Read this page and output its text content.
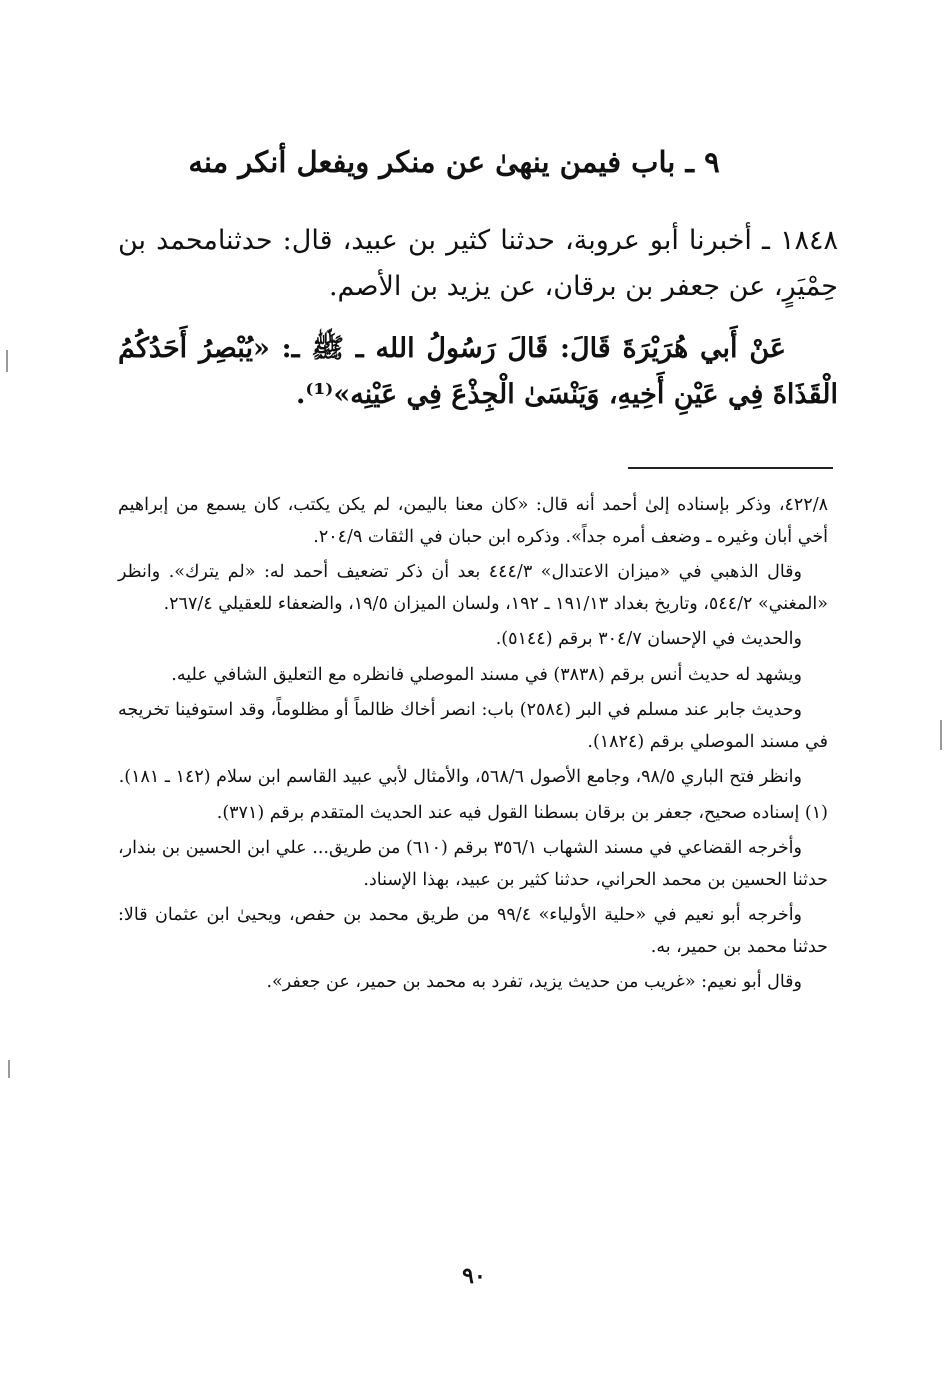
٩ ـ باب فيمن ينهىٰ عن منكر ويفعل أنكر منه
١٨٤٨ ـ أخبرنا أبو عروبة، حدثنا كثير بن عبيد، قال: حدثنامحمد بن حِمْيَرٍ، عن جعفر بن برقان، عن يزيد بن الأصم.
عَنْ أَبي هُرَيْرَةَ قَالَ: قَالَ رَسُولُ الله ـ ﷺ ـ: «يُبْصِرُ أَحَدُكُمُ الْقَذَاةَ فِي عَيْنِ أَخِيهِ، وَيَنْسَىٰ الْجِذْعَ فِي عَيْنِه»⁽¹⁾.

٤٢٢/٨، وذكر بإسناده إلىٰ أحمد أنه قال: «كان معنا باليمن، لم يكن يكتب، كان يسمع من إبراهيم أخي أبان وغيره ـ وضعف أمره جداً». وذكره ابن حبان في الثقات ٢٠٤/٩.

وقال الذهبي في «ميزان الاعتدال» ٤٤٤/٣ بعد أن ذكر تضعيف أحمد له: «لم يترك». وانظر «المغني» ٥٤٤/٢، وتاريخ بغداد ١٩١/١٣ ـ ١٩٢، ولسان الميزان ١٩/٥، والضعفاء للعقيلي ٢٦٧/٤.

والحديث في الإحسان ٣٠٤/٧ برقم (٥١٤٤).

ويشهد له حديث أنس برقم (٣٨٣٨) في مسند الموصلي فانظره مع التعليق الشافي عليه.

وحديث جابر عند مسلم في البر (٢٥٨٤) باب: انصر أخاك ظالماً أو مظلوماً، وقد استوفينا تخريجه في مسند الموصلي برقم (١٨٢٤).

وانظر فتح الباري ٩٨/٥، وجامع الأصول ٥٦٨/٦، والأمثال لأبي عبيد القاسم ابن سلام (١٤٢ ـ ١٨١).

(١) إسناده صحيح، جعفر بن برقان بسطنا القول فيه عند الحديث المتقدم برقم (٣٧١).

وأخرجه القضاعي في مسند الشهاب ٣٥٦/١ برقم (٦١٠) من طريق... علي ابن الحسين بن بندار، حدثنا الحسين بن محمد الحراني، حدثنا كثير بن عبيد، بهذا الإسناد.

وأخرجه أبو نعيم في «حلية الأولياء» ٩٩/٤ من طريق محمد بن حفص، ويحيىٰ ابن عثمان قالا: حدثنا محمد بن حمير، به.

وقال أبو نعيم: «غريب من حديث يزيد، تفرد به محمد بن حمير، عن جعفر».

٩٠
